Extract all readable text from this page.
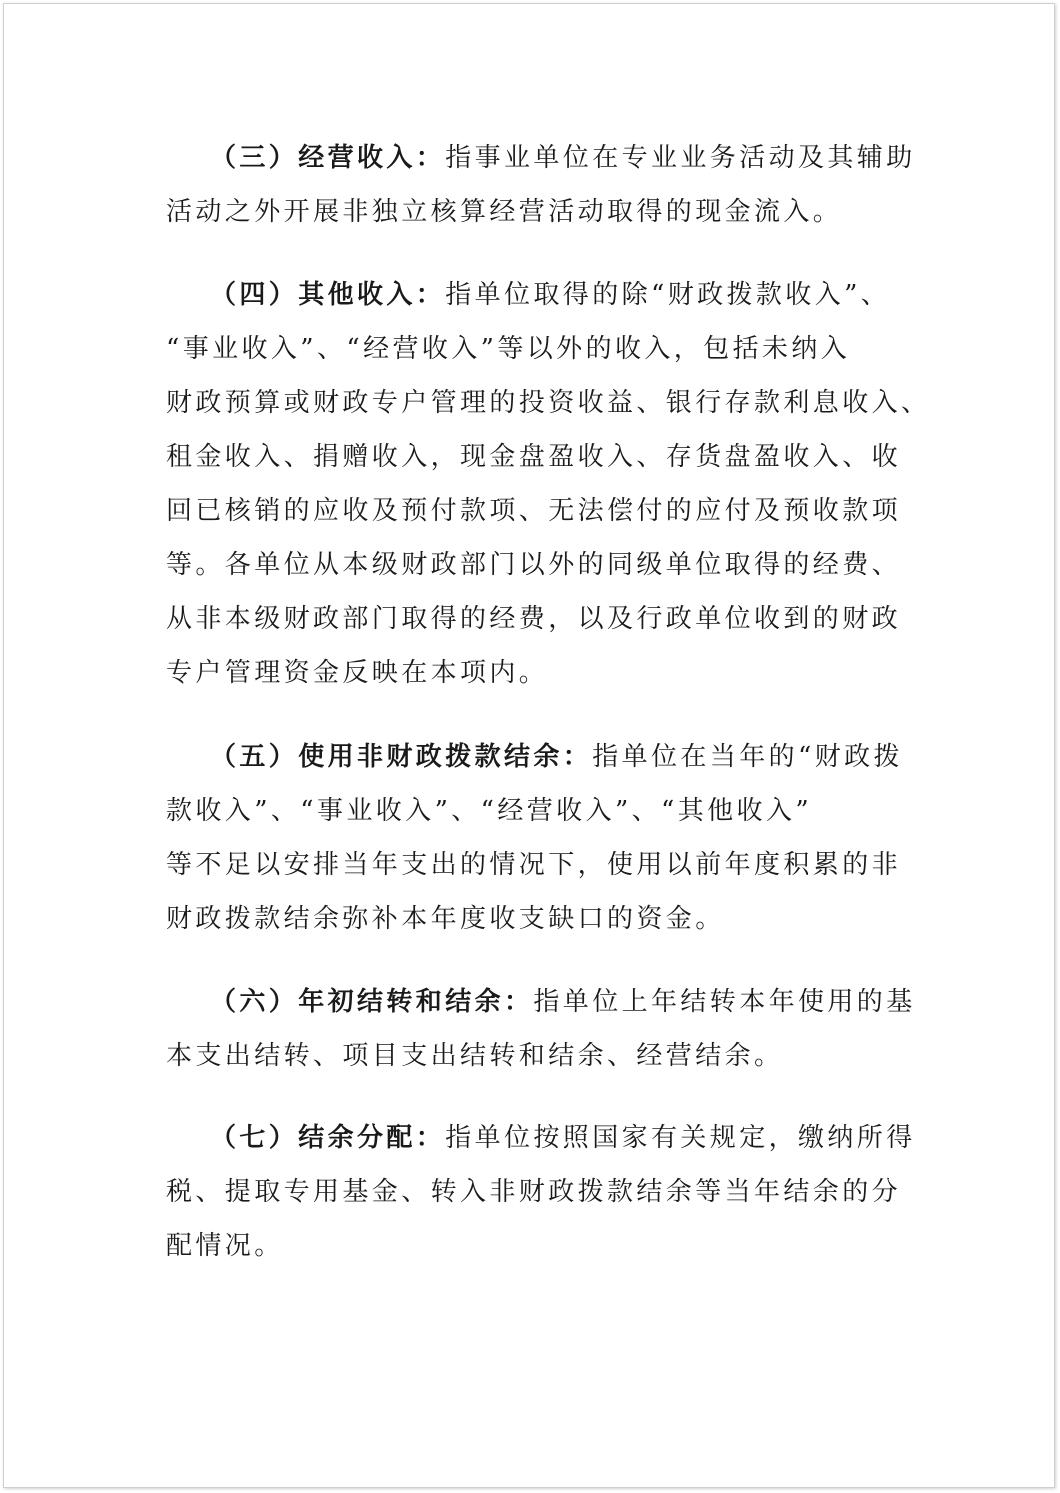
（三）经营收入：指事业单位在专业业务活动及其辅助
活动之外开展非独立核算经营活动取得的现金流入。
（四）其他收入：指单位取得的除“财政拨款收入”、
“事业收入”、“经营收入”等以外的收入，包括未纳入
财政预算或财政专户管理的投资收益、银行存款利息收入、
租金收入、捐赠收入，现金盘盈收入、存货盘盈收入、收
回已核销的应收及预付款项、无法偿付的应付及预收款项
等。各单位从本级财政部门以外的同级单位取得的经费、
从非本级财政部门取得的经费，以及行政单位收到的财政
专户管理资金反映在本项内。
（五）使用非财政拨款结余：指单位在当年的“财政拨
款收入”、“事业收入”、“经营收入”、“其他收入”
等不足以安排当年支出的情况下，使用以前年度积累的非
财政拨款结余弥补本年度收支缺口的资金。
（六）年初结转和结余：指单位上年结转本年使用的基
本支出结转、项目支出结转和结余、经营结余。
（七）结余分配：指单位按照国家有关规定，缴纳所得
税、提取专用基金、转入非财政拨款结余等当年结余的分
配情况。
